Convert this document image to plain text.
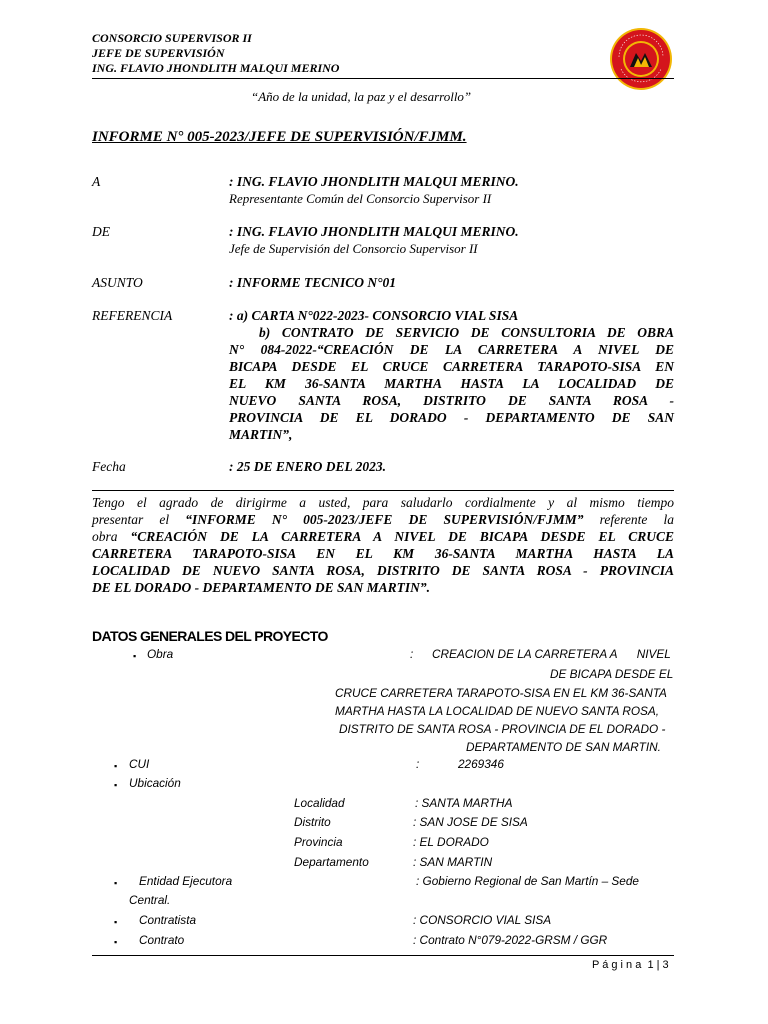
CONSORCIO SUPERVISOR II
JEFE DE SUPERVISIÓN
ING. FLAVIO JHONDLITH MALQUI MERINO
“Año de la unidad, la paz y el desarrollo”
INFORME N° 005-2023/JEFE DE SUPERVISIÓN/FJMM.
A	: ING. FLAVIO JHONDLITH MALQUI MERINO.
Representante Común del Consorcio Supervisor II
DE	: ING. FLAVIO JHONDLITH MALQUI MERINO.
Jefe de Supervisión del Consorcio Supervisor II
ASUNTO	: INFORME TECNICO N°01
REFERENCIA	: a) CARTA N°022-2023- CONSORCIO VIAL SISA
b) CONTRATO DE SERVICIO DE CONSULTORIA DE OBRA
N° 084-2022-“CREACIÓN DE LA CARRETERA A NIVEL DE
BICAPA DESDE EL CRUCE CARRETERA TARAPOTO-SISA EN
EL KM 36-SANTA MARTHA HASTA LA LOCALIDAD DE
NUEVO SANTA ROSA, DISTRITO DE SANTA ROSA -
PROVINCIA DE EL DORADO - DEPARTAMENTO DE SAN
MARTIN”,
Fecha	: 25 DE ENERO DEL 2023.
Tengo el agrado de dirigirme a usted, para saludarlo cordialmente y al mismo tiempo
presentar el “INFORME N° 005-2023/JEFE DE SUPERVISIÓN/FJMM” referente la
obra “CREACIÓN DE LA CARRETERA A NIVEL DE BICAPA DESDE EL CRUCE
CARRETERA TARAPOTO-SISA EN EL KM 36-SANTA MARTHA HASTA LA
LOCALIDAD DE NUEVO SANTA ROSA, DISTRITO DE SANTA ROSA - PROVINCIA
DE EL DORADO - DEPARTAMENTO DE SAN MARTIN”.
DATOS GENERALES DEL PROYECTO
▪ Obra	: CREACION DE LA CARRETERA A      NIVEL
DE BICAPA DESDE EL
CRUCE CARRETERA TARAPOTO-SISA EN EL KM 36-SANTA
MARTHA HASTA LA LOCALIDAD DE NUEVO SANTA ROSA,
DISTRITO DE SANTA ROSA - PROVINCIA DE EL DORADO -
DEPARTAMENTO DE SAN MARTIN.
▪ CUI	:	2269346
▪ Ubicación
Localidad	: SANTA MARTHA
Distrito	: SAN JOSE DE SISA
Provincia	: EL DORADO
Departamento	: SAN MARTIN
▪ Entidad Ejecutora	: Gobierno Regional de San Martín – Sede
Central.
▪ Contratista	: CONSORCIO VIAL SISA
▪ Contrato	: Contrato N°079-2022-GRSM / GGR
P á g i n a  1 | 3
